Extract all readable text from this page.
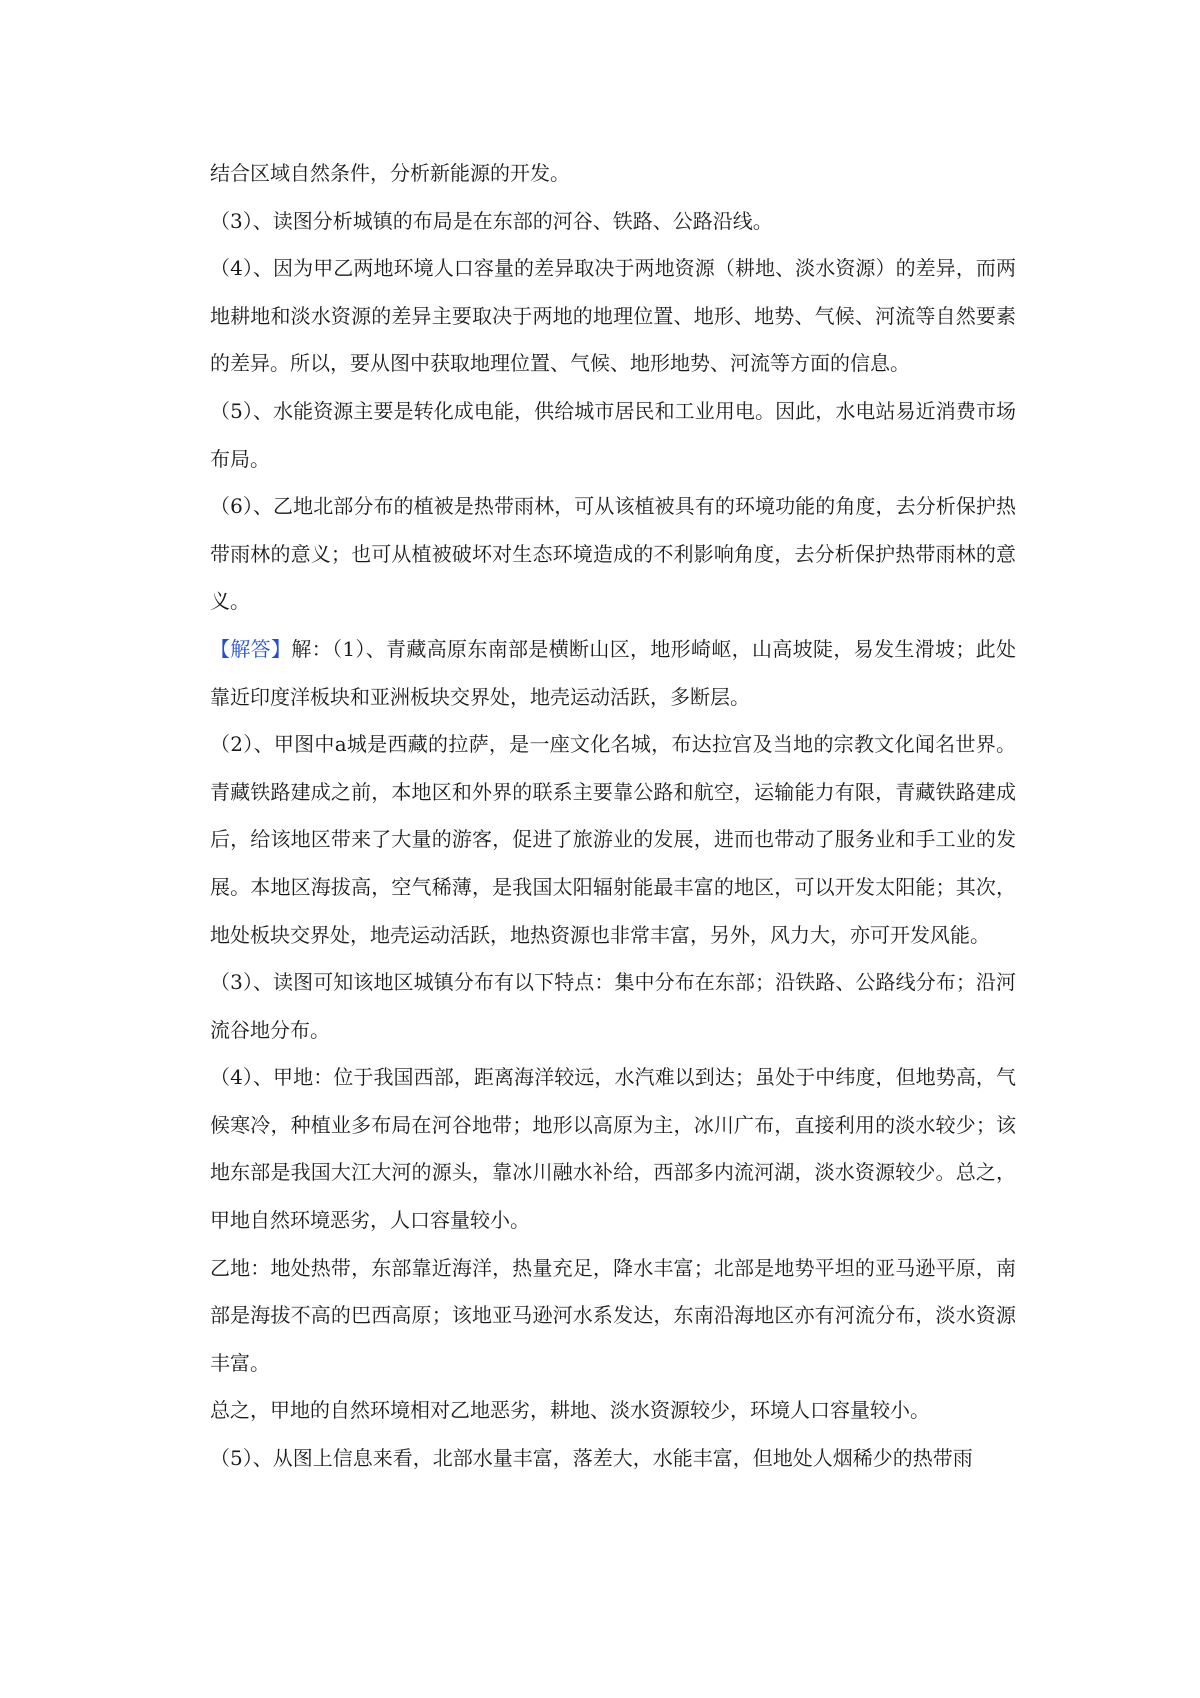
结合区域自然条件，分析新能源的开发。

（3）、读图分析城镇的布局是在东部的河谷、铁路、公路沿线。

（4）、因为甲乙两地环境人口容量的差异取决于两地资源（耕地、淡水资源）的差异，而两地耕地和淡水资源的差异主要取决于两地的地理位置、地形、地势、气候、河流等自然要素的差异。所以，要从图中获取地理位置、气候、地形地势、河流等方面的信息。

（5）、水能资源主要是转化成电能，供给城市居民和工业用电。因此，水电站易近消费市场布局。

（6）、乙地北部分布的植被是热带雨林，可从该植被具有的环境功能的角度，去分析保护热带雨林的意义；也可从植被破坏对生态环境造成的不利影响角度，去分析保护热带雨林的意义。

【解答】解：（1）、青藏高原东南部是横断山区，地形崎岖，山高坡陡，易发生滑坡；此处靠近印度洋板块和亚洲板块交界处，地壳运动活跃，多断层。

（2）、甲图中a城是西藏的拉萨，是一座文化名城，布达拉宫及当地的宗教文化闻名世界。青藏铁路建成之前，本地区和外界的联系主要靠公路和航空，运输能力有限，青藏铁路建成后，给该地区带来了大量的游客，促进了旅游业的发展，进而也带动了服务业和手工业的发展。本地区海拔高，空气稀薄，是我国太阳辐射能最丰富的地区，可以开发太阳能；其次，地处板块交界处，地壳运动活跃，地热资源也非常丰富，另外，风力大，亦可开发风能。

（3）、读图可知该地区城镇分布有以下特点：集中分布在东部；沿铁路、公路线分布；沿河流谷地分布。

（4）、甲地：位于我国西部，距离海洋较远，水汽难以到达；虽处于中纬度，但地势高，气候寒冷，种植业多布局在河谷地带；地形以高原为主，冰川广布，直接利用的淡水较少；该地东部是我国大江大河的源头，靠冰川融水补给，西部多内流河湖，淡水资源较少。总之，甲地自然环境恶劣，人口容量较小。

乙地：地处热带，东部靠近海洋，热量充足，降水丰富；北部是地势平坦的亚马逊平原，南部是海拔不高的巴西高原；该地亚马逊河水系发达，东南沿海地区亦有河流分布，淡水资源丰富。

总之，甲地的自然环境相对乙地恶劣，耕地、淡水资源较少，环境人口容量较小。

（5）、从图上信息来看，北部水量丰富，落差大，水能丰富，但地处人烟稀少的热带雨
